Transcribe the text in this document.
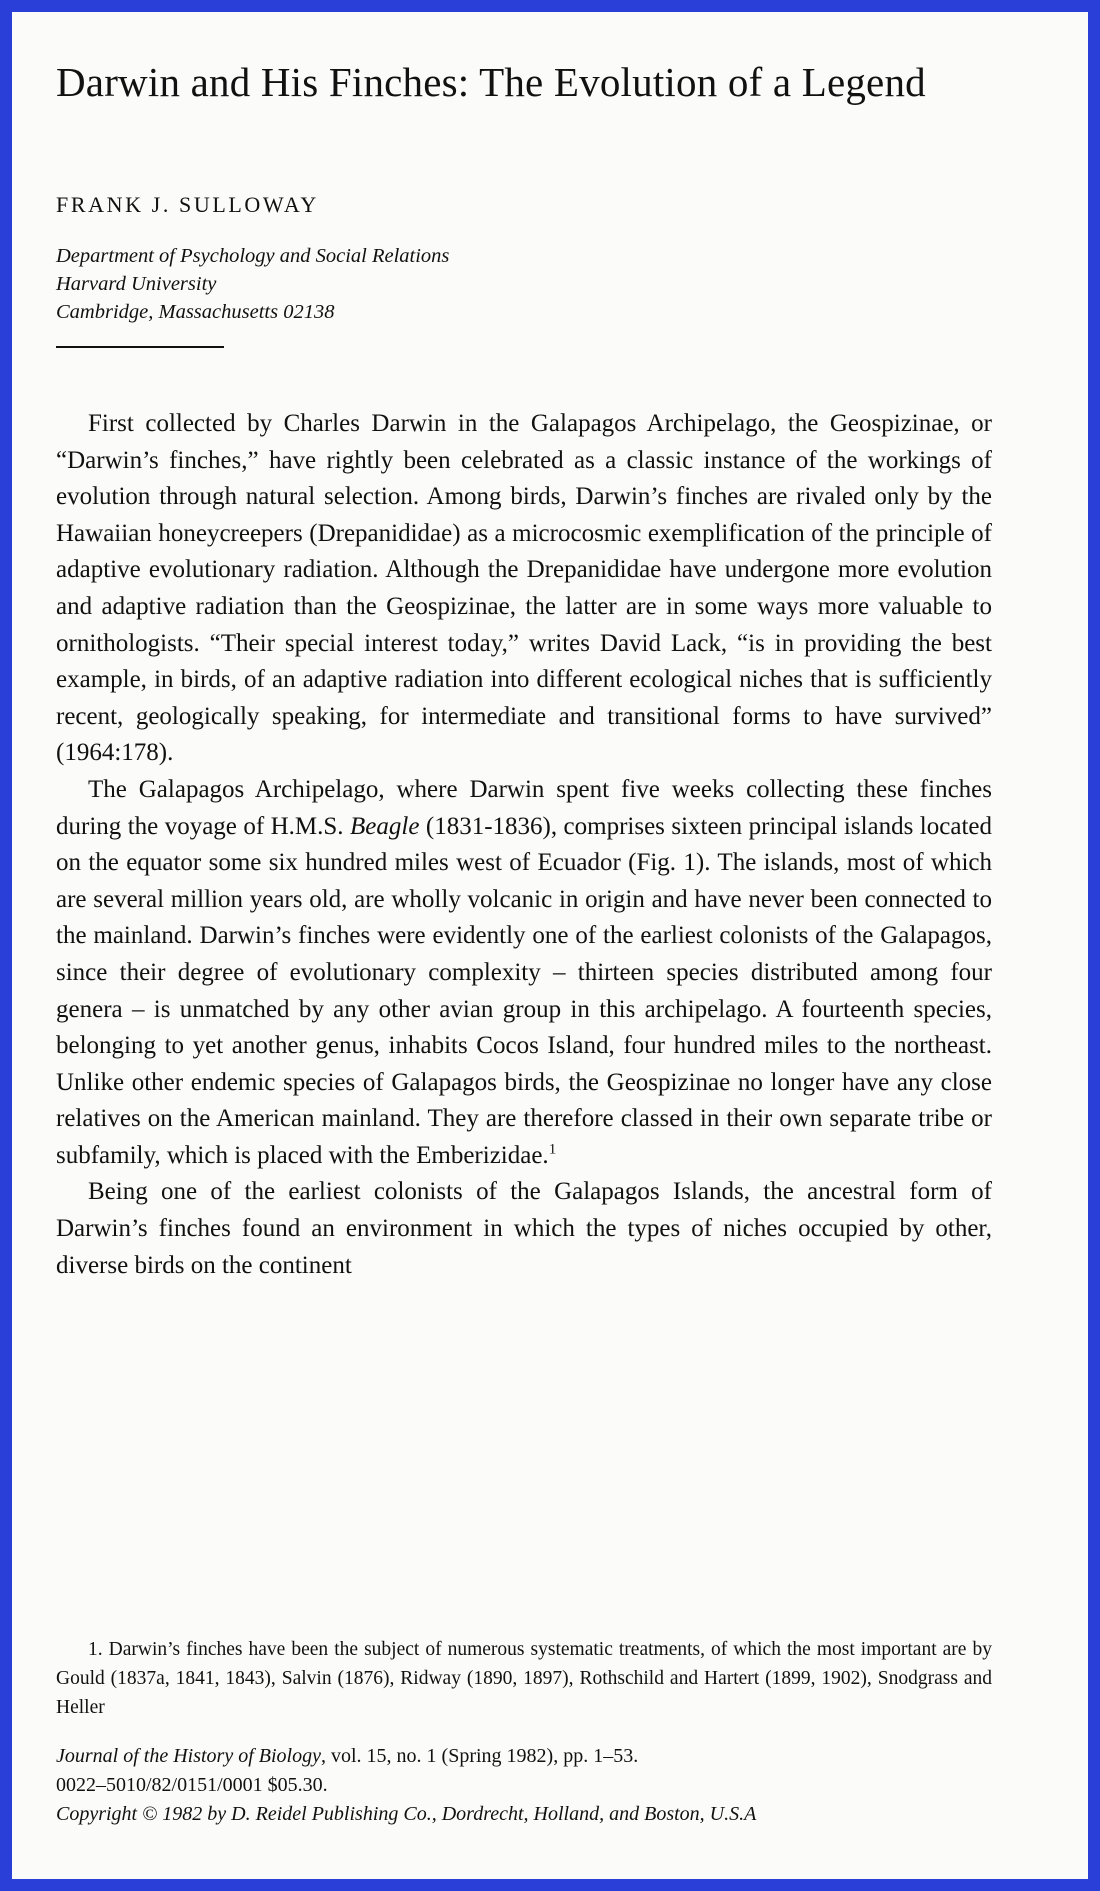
Darwin and His Finches: The Evolution of a Legend
FRANK J. SULLOWAY
Department of Psychology and Social Relations
Harvard University
Cambridge, Massachusetts 02138

First collected by Charles Darwin in the Galapagos Archipelago, the Geospizinae, or “Darwin’s finches,” have rightly been celebrated as a classic instance of the workings of evolution through natural selection. Among birds, Darwin’s finches are rivaled only by the Hawaiian honeycreepers (Drepanididae) as a microcosmic exemplification of the principle of adaptive evolutionary radiation. Although the Drepanididae have undergone more evolution and adaptive radiation than the Geospizinae, the latter are in some ways more valuable to ornithologists. “Their special interest today,” writes David Lack, “is in providing the best example, in birds, of an adaptive radiation into different ecological niches that is sufficiently recent, geologically speaking, for intermediate and transitional forms to have survived” (1964:178).

The Galapagos Archipelago, where Darwin spent five weeks collecting these finches during the voyage of H.M.S. Beagle (1831-1836), comprises sixteen principal islands located on the equator some six hundred miles west of Ecuador (Fig. 1). The islands, most of which are several million years old, are wholly volcanic in origin and have never been connected to the mainland. Darwin’s finches were evidently one of the earliest colonists of the Galapagos, since their degree of evolutionary complexity – thirteen species distributed among four genera – is unmatched by any other avian group in this archipelago. A fourteenth species, belonging to yet another genus, inhabits Cocos Island, four hundred miles to the northeast. Unlike other endemic species of Galapagos birds, the Geospizinae no longer have any close relatives on the American mainland. They are therefore classed in their own separate tribe or subfamily, which is placed with the Emberizidae.$^1$

Being one of the earliest colonists of the Galapagos Islands, the ancestral form of Darwin’s finches found an environment in which the types of niches occupied by other, diverse birds on the continent

1. Darwin’s finches have been the subject of numerous systematic treatments, of which the most important are by Gould (1837a, 1841, 1843), Salvin (1876), Ridway (1890, 1897), Rothschild and Hartert (1899, 1902), Snodgrass and Heller

Journal of the History of Biology, vol. 15, no. 1 (Spring 1982), pp. 1–53.
0022–5010/82/0151/0001 $05.30.
Copyright © 1982 by D. Reidel Publishing Co., Dordrecht, Holland, and Boston, U.S.A
